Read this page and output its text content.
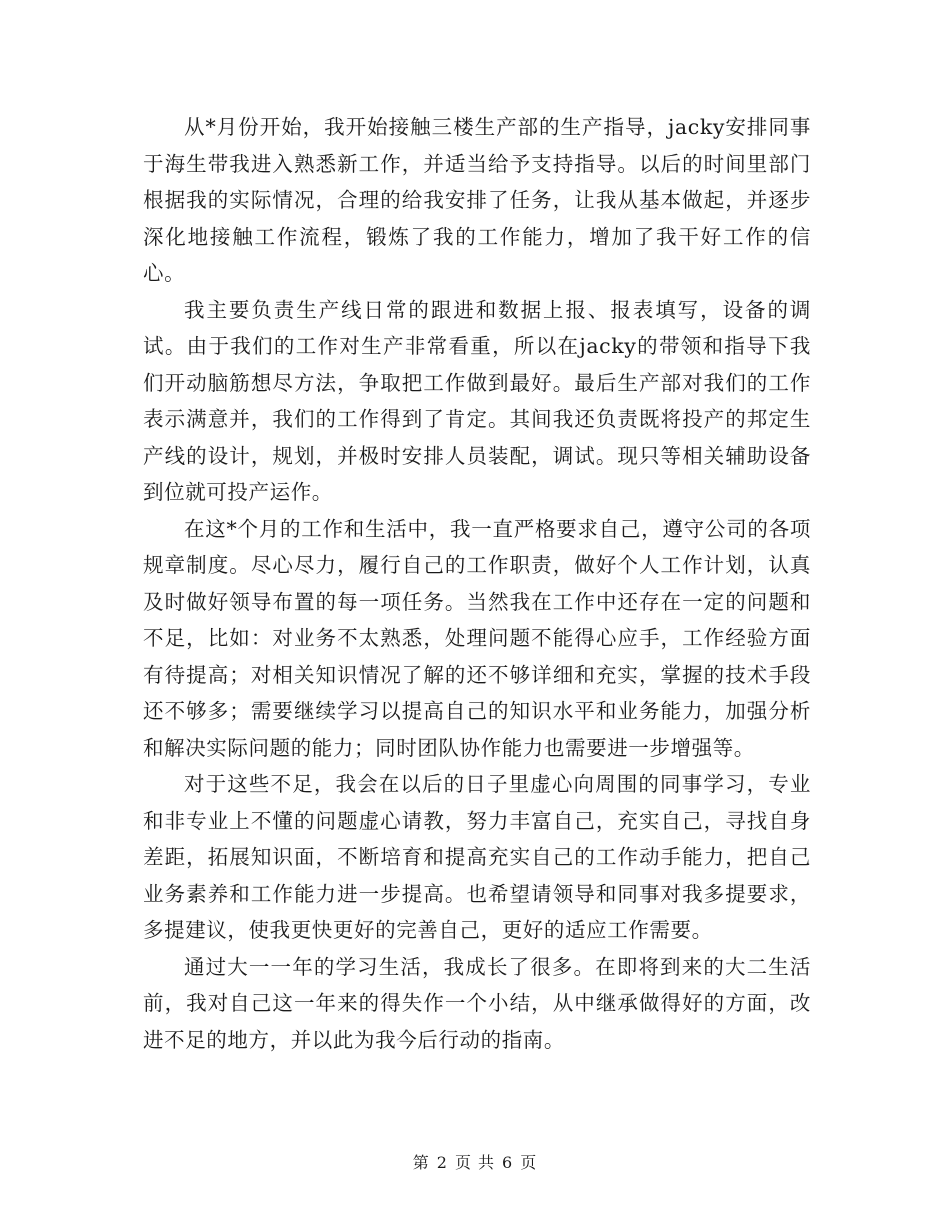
从*月份开始，我开始接触三楼生产部的生产指导，jacky安排同事于海生带我进入熟悉新工作，并适当给予支持指导。以后的时间里部门根据我的实际情况，合理的给我安排了任务，让我从基本做起，并逐步深化地接触工作流程，锻炼了我的工作能力，增加了我干好工作的信心。

我主要负责生产线日常的跟进和数据上报、报表填写，设备的调试。由于我们的工作对生产非常看重，所以在jacky的带领和指导下我们开动脑筋想尽方法，争取把工作做到最好。最后生产部对我们的工作表示满意并，我们的工作得到了肯定。其间我还负责既将投产的邦定生产线的设计，规划，并极时安排人员装配，调试。现只等相关辅助设备到位就可投产运作。

在这*个月的工作和生活中，我一直严格要求自己，遵守公司的各项规章制度。尽心尽力，履行自己的工作职责，做好个人工作计划，认真及时做好领导布置的每一项任务。当然我在工作中还存在一定的问题和不足，比如：对业务不太熟悉，处理问题不能得心应手，工作经验方面有待提高；对相关知识情况了解的还不够详细和充实，掌握的技术手段还不够多；需要继续学习以提高自己的知识水平和业务能力，加强分析和解决实际问题的能力；同时团队协作能力也需要进一步增强等。

对于这些不足，我会在以后的日子里虚心向周围的同事学习，专业和非专业上不懂的问题虚心请教，努力丰富自己，充实自己，寻找自身差距，拓展知识面，不断培育和提高充实自己的工作动手能力，把自己业务素养和工作能力进一步提高。也希望请领导和同事对我多提要求，多提建议，使我更快更好的完善自己，更好的适应工作需要。

通过大一一年的学习生活，我成长了很多。在即将到来的大二生活前，我对自己这一年来的得失作一个小结，从中继承做得好的方面，改进不足的地方，并以此为我今后行动的指南。

第 2 页 共 6 页
